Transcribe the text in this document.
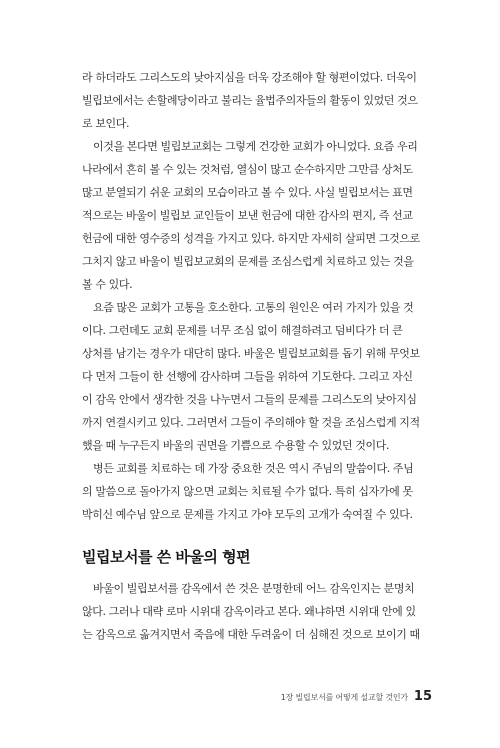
라 하더라도 그리스도의 낮아지심을 더욱 강조해야 할 형편이었다. 더욱이
빌립보에서는 손할례당이라고 불리는 율법주의자들의 활동이 있었던 것으
로 보인다.

이것을 본다면 빌립보교회는 그렇게 건강한 교회가 아니었다. 요즘 우리
나라에서 흔히 볼 수 있는 것처럼, 열심이 많고 순수하지만 그만큼 상처도
많고 분열되기 쉬운 교회의 모습이라고 볼 수 있다. 사실 빌립보서는 표면
적으로는 바울이 빌립보 교인들이 보낸 헌금에 대한 감사의 편지, 즉 선교
헌금에 대한 영수증의 성격을 가지고 있다. 하지만 자세히 살피면 그것으로
그치지 않고 바울이 빌립보교회의 문제를 조심스럽게 치료하고 있는 것을
볼 수 있다.

요즘 많은 교회가 고통을 호소한다. 고통의 원인은 여러 가지가 있을 것
이다. 그런데도 교회 문제를 너무 조심 없이 해결하려고 덤비다가 더 큰
상처를 남기는 경우가 대단히 많다. 바울은 빌립보교회를 돕기 위해 무엇보
다 먼저 그들이 한 선행에 감사하며 그들을 위하여 기도한다. 그리고 자신
이 감옥 안에서 생각한 것을 나누면서 그들의 문제를 그리스도의 낮아지심
까지 연결시키고 있다. 그러면서 그들이 주의해야 할 것을 조심스럽게 지적
했을 때 누구든지 바울의 권면을 기쁨으로 수용할 수 있었던 것이다.

병든 교회를 치료하는 데 가장 중요한 것은 역시 주님의 말씀이다. 주님
의 말씀으로 돌아가지 않으면 교회는 치료될 수가 없다. 특히 십자가에 못
박히신 예수님 앞으로 문제를 가지고 가야 모두의 고개가 숙여질 수 있다.

빌립보서를 쓴 바울의 형편

바울이 빌립보서를 감옥에서 쓴 것은 분명한데 어느 감옥인지는 분명치
않다. 그러나 대략 로마 시위대 감옥이라고 본다. 왜냐하면 시위대 안에 있
는 감옥으로 옮겨지면서 죽음에 대한 두려움이 더 심해진 것으로 보이기 때

1장 빌립보서를 어떻게 설교할 것인가 15
